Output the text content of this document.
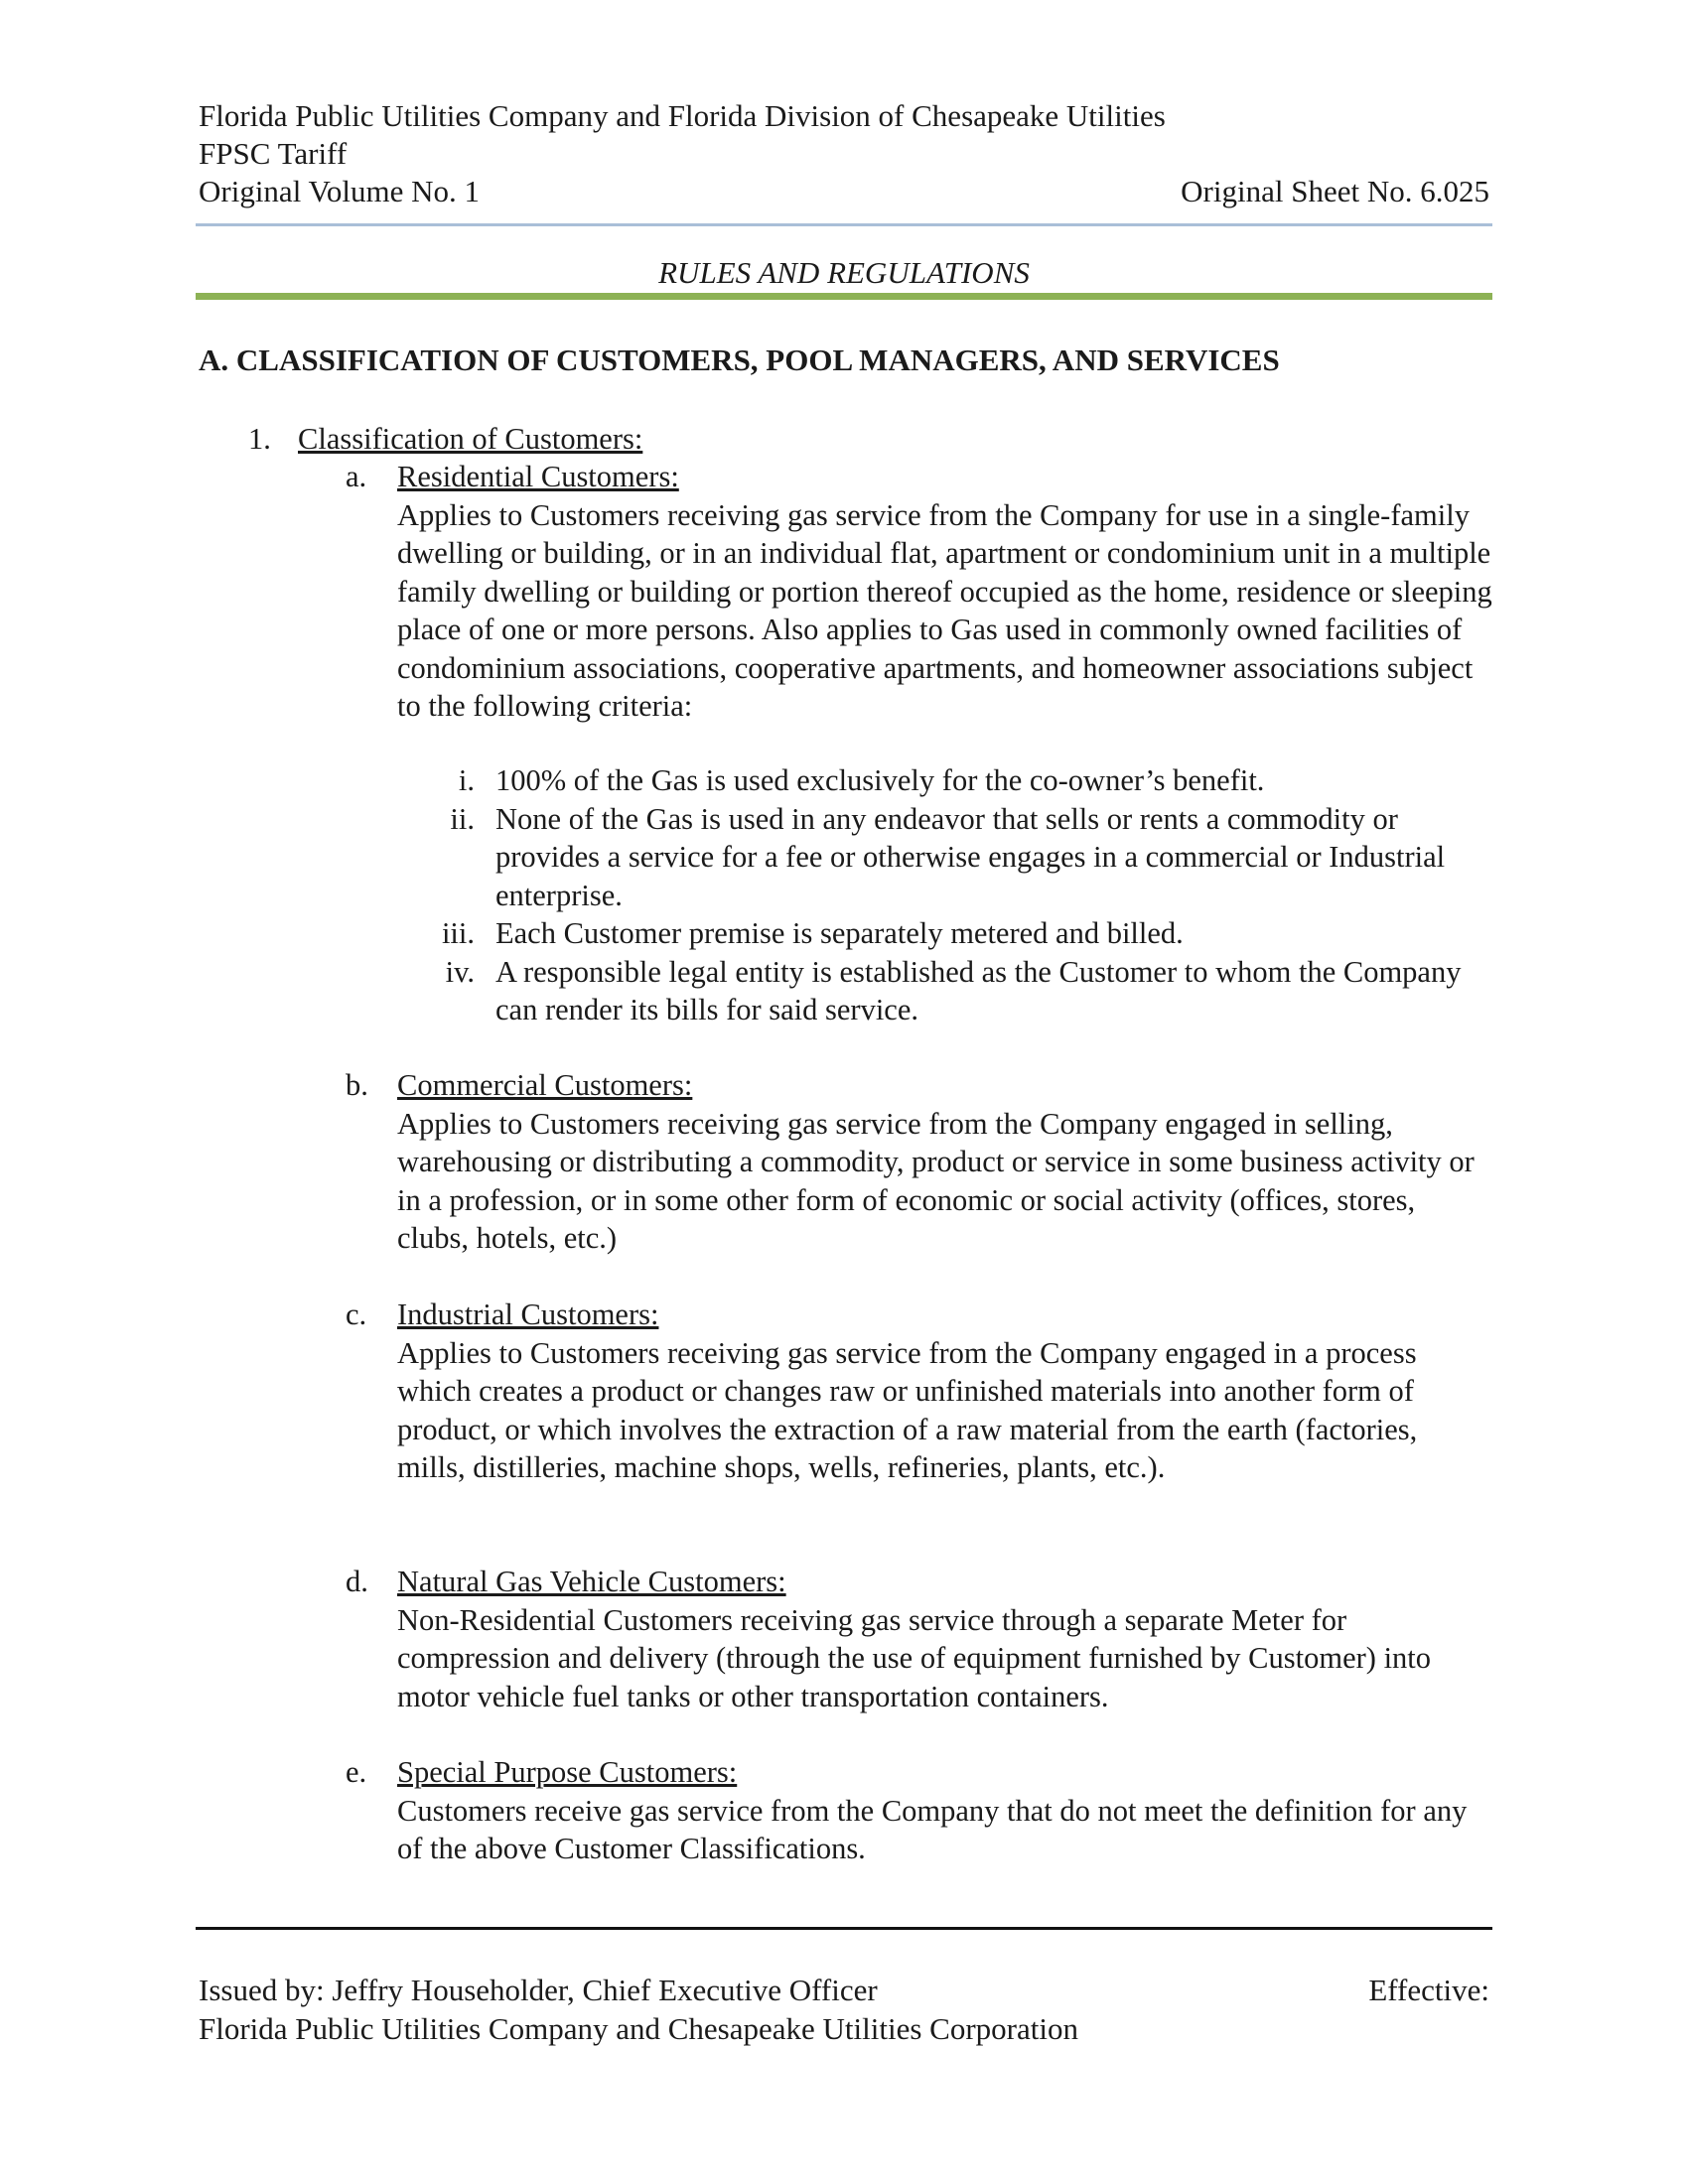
Florida Public Utilities Company and Florida Division of Chesapeake Utilities
FPSC Tariff
Original Volume No. 1	Original Sheet No. 6.025
RULES AND REGULATIONS
A. CLASSIFICATION OF CUSTOMERS, POOL MANAGERS, AND SERVICES
1. Classification of Customers:
a. Residential Customers:
Applies to Customers receiving gas service from the Company for use in a single-family dwelling or building, or in an individual flat, apartment or condominium unit in a multiple family dwelling or building or portion thereof occupied as the home, residence or sleeping place of one or more persons. Also applies to Gas used in commonly owned facilities of condominium associations, cooperative apartments, and homeowner associations subject to the following criteria:
i. 100% of the Gas is used exclusively for the co-owner’s benefit.
ii. None of the Gas is used in any endeavor that sells or rents a commodity or provides a service for a fee or otherwise engages in a commercial or Industrial enterprise.
iii. Each Customer premise is separately metered and billed.
iv. A responsible legal entity is established as the Customer to whom the Company can render its bills for said service.
b. Commercial Customers:
Applies to Customers receiving gas service from the Company engaged in selling, warehousing or distributing a commodity, product or service in some business activity or in a profession, or in some other form of economic or social activity (offices, stores, clubs, hotels, etc.)
c. Industrial Customers:
Applies to Customers receiving gas service from the Company engaged in a process which creates a product or changes raw or unfinished materials into another form of product, or which involves the extraction of a raw material from the earth (factories, mills, distilleries, machine shops, wells, refineries, plants, etc.).
d. Natural Gas Vehicle Customers:
Non-Residential Customers receiving gas service through a separate Meter for compression and delivery (through the use of equipment furnished by Customer) into motor vehicle fuel tanks or other transportation containers.
e. Special Purpose Customers:
Customers receive gas service from the Company that do not meet the definition for any of the above Customer Classifications.
Issued by: Jeffry Householder, Chief Executive Officer	Effective:
Florida Public Utilities Company and Chesapeake Utilities Corporation
